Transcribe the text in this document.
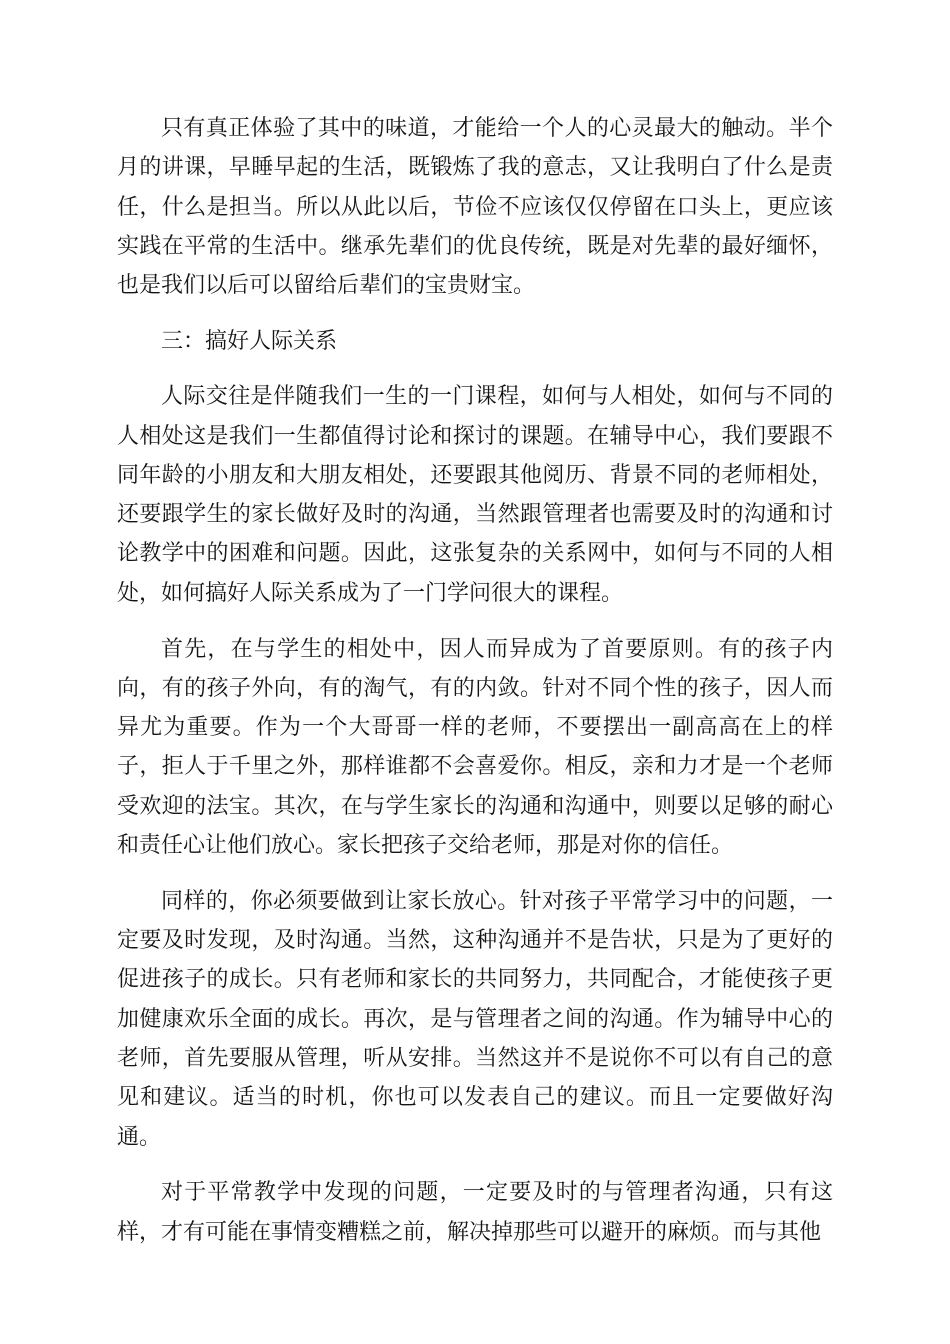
只有真正体验了其中的味道，才能给一个人的心灵最大的触动。半个月的讲课，早睡早起的生活，既锻炼了我的意志，又让我明白了什么是责任，什么是担当。所以从此以后，节俭不应该仅仅停留在口头上，更应该实践在平常的生活中。继承先辈们的优良传统，既是对先辈的最好缅怀，也是我们以后可以留给后辈们的宝贵财宝。

三：搞好人际关系

人际交往是伴随我们一生的一门课程，如何与人相处，如何与不同的人相处这是我们一生都值得讨论和探讨的课题。在辅导中心，我们要跟不同年龄的小朋友和大朋友相处，还要跟其他阅历、背景不同的老师相处，还要跟学生的家长做好及时的沟通，当然跟管理者也需要及时的沟通和讨论教学中的困难和问题。因此，这张复杂的关系网中，如何与不同的人相处，如何搞好人际关系成为了一门学问很大的课程。

首先，在与学生的相处中，因人而异成为了首要原则。有的孩子内向，有的孩子外向，有的淘气，有的内敛。针对不同个性的孩子，因人而异尤为重要。作为一个大哥哥一样的老师，不要摆出一副高高在上的样子，拒人于千里之外，那样谁都不会喜爱你。相反，亲和力才是一个老师受欢迎的法宝。其次，在与学生家长的沟通和沟通中，则要以足够的耐心和责任心让他们放心。家长把孩子交给老师，那是对你的信任。

同样的，你必须要做到让家长放心。针对孩子平常学习中的问题，一定要及时发现，及时沟通。当然，这种沟通并不是告状，只是为了更好的促进孩子的成长。只有老师和家长的共同努力，共同配合，才能使孩子更加健康欢乐全面的成长。再次，是与管理者之间的沟通。作为辅导中心的老师，首先要服从管理，听从安排。当然这并不是说你不可以有自己的意见和建议。适当的时机，你也可以发表自己的建议。而且一定要做好沟通。

对于平常教学中发现的问题，一定要及时的与管理者沟通，只有这样，才有可能在事情变糟糕之前，解决掉那些可以避开的麻烦。而与其他
